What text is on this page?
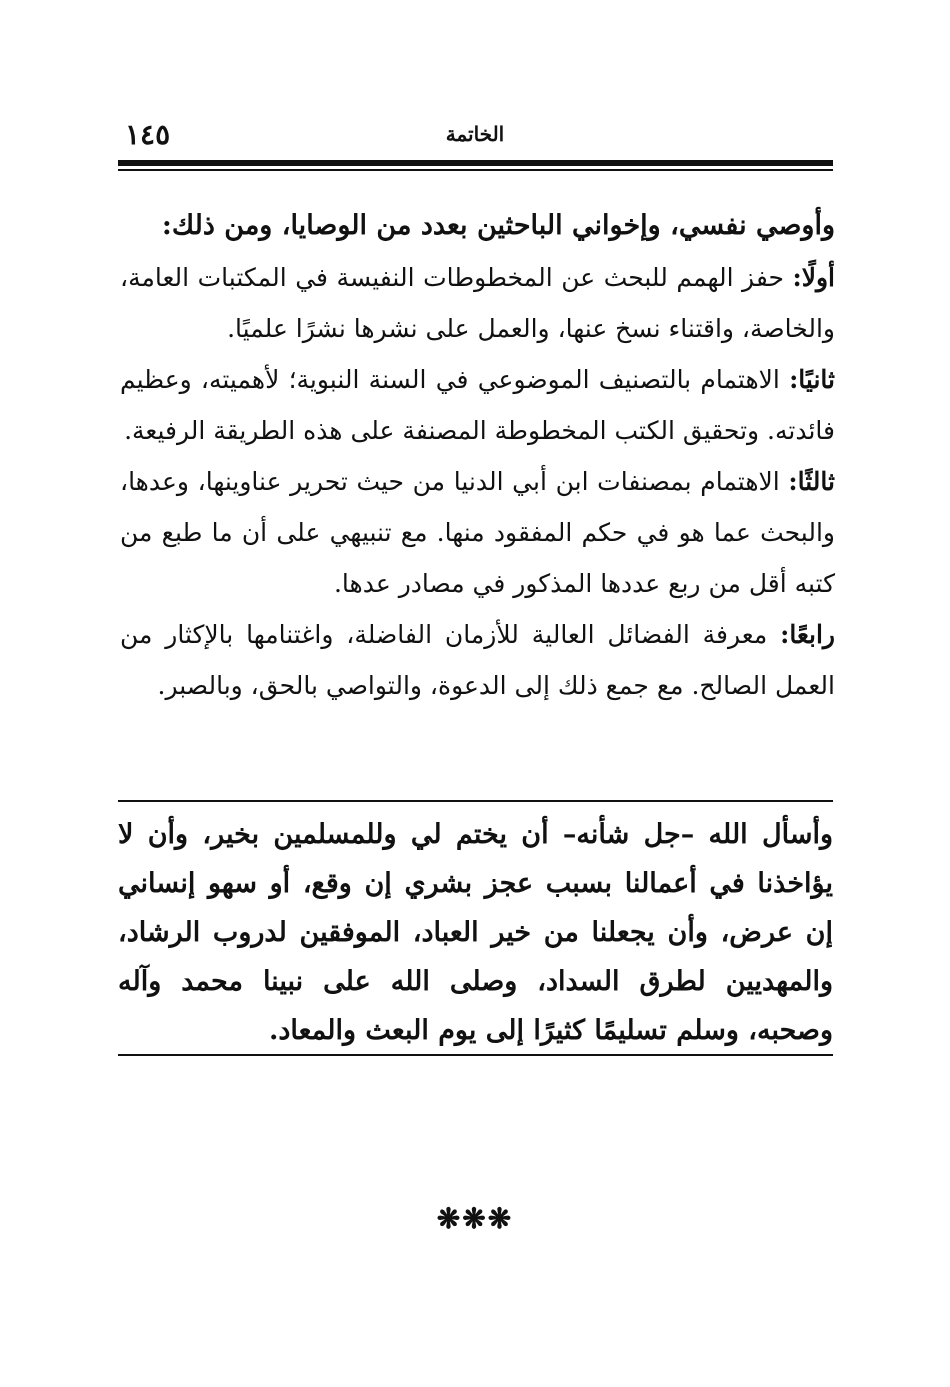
١٤٥	الخاتمة

وأوصي نفسي، وإخواني الباحثين بعدد من الوصايا، ومن ذلك:

أولًا: حفز الهمم للبحث عن المخطوطات النفيسة في المكتبات العامة، والخاصة، واقتناء نسخ عنها، والعمل على نشرها نشرًا علميًا.

ثانيًا: الاهتمام بالتصنيف الموضوعي في السنة النبوية؛ لأهميته، وعظيم فائدته. وتحقيق الكتب المخطوطة المصنفة على هذه الطريقة الرفيعة.

ثالثًا: الاهتمام بمصنفات ابن أبي الدنيا من حيث تحرير عناوينها، وعدها، والبحث عما هو في حكم المفقود منها. مع تنبيهي على أن ما طبع من كتبه أقل من ربع عددها المذكور في مصادر عدها.

رابعًا: معرفة الفضائل العالية للأزمان الفاضلة، واغتنامها بالإكثار من العمل الصالح. مع جمع ذلك إلى الدعوة، والتواصي بالحق، وبالصبر.

وأسأل الله –جل شأنه– أن يختم لي وللمسلمين بخير، وأن لا يؤاخذنا في أعمالنا بسبب عجز بشري إن وقع، أو سهو إنساني إن عرض، وأن يجعلنا من خير العباد، الموفقين لدروب الرشاد، والمهديين لطرق السداد، وصلى الله على نبينا محمد وآله وصحبه، وسلم تسليمًا كثيرًا إلى يوم البعث والمعاد.

❋❋❋
